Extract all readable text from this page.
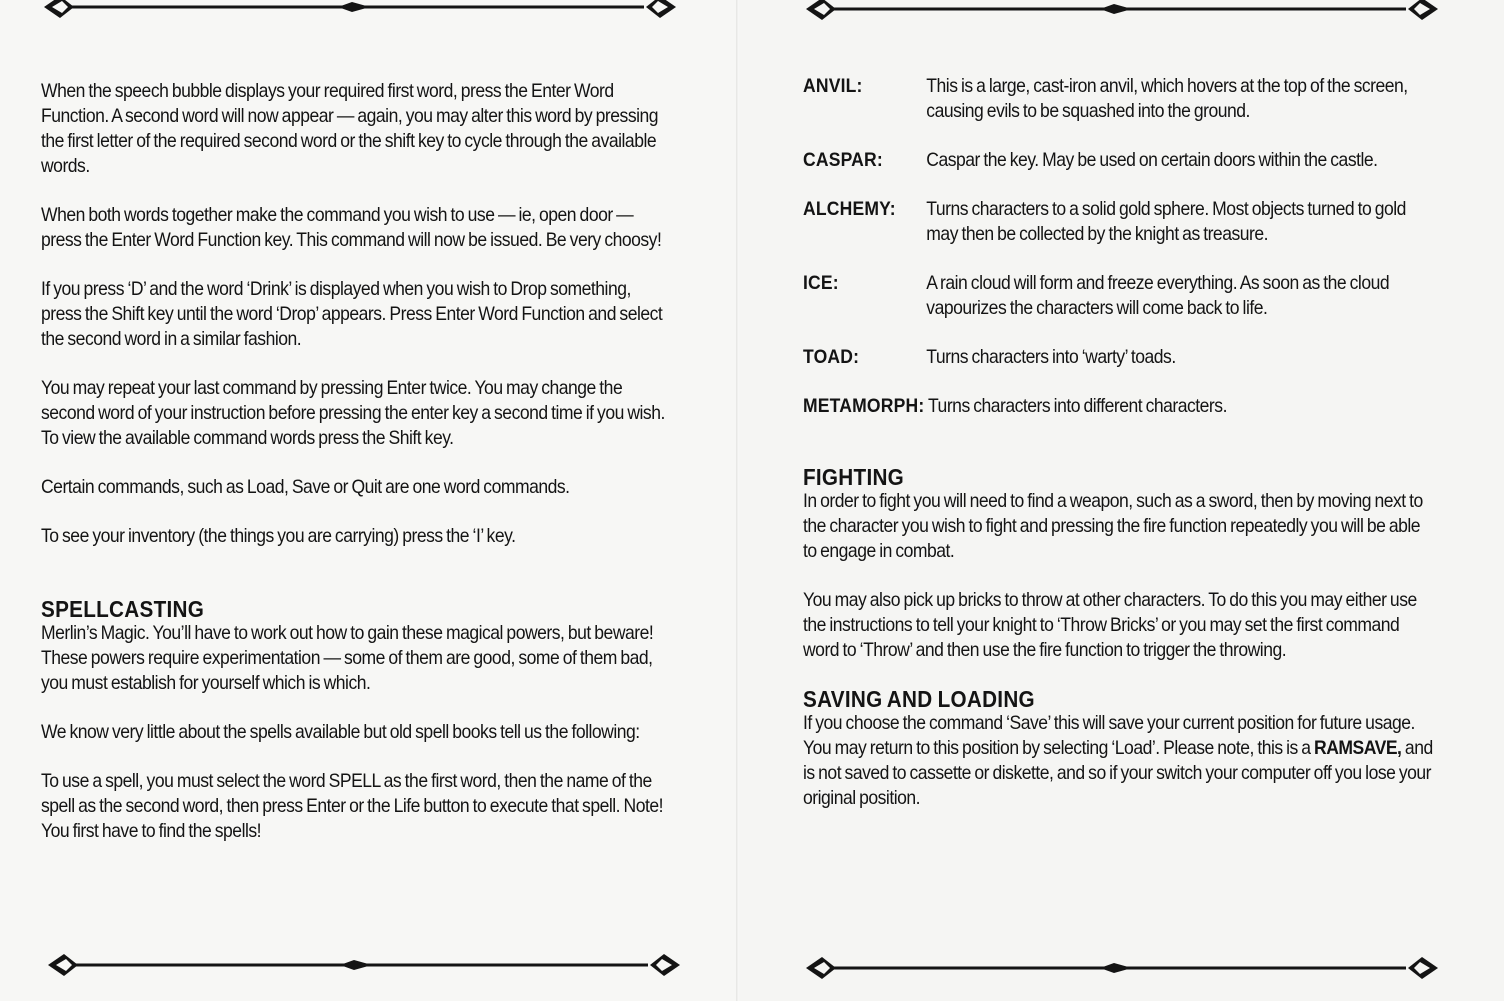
When the speech bubble displays your required first word, press the Enter Word Function. A second word will now appear — again, you may alter this word by pressing the first letter of the required second word or the shift key to cycle through the available words.

When both words together make the command you wish to use — ie, open door — press the Enter Word Function key. This command will now be issued. Be very choosy!

If you press ‘D’ and the word ‘Drink’ is displayed when you wish to Drop something, press the Shift key until the word ‘Drop’ appears. Press Enter Word Function and select the second word in a similar fashion.

You may repeat your last command by pressing Enter twice. You may change the second word of your instruction before pressing the enter key a second time if you wish. To view the available command words press the Shift key.

Certain commands, such as Load, Save or Quit are one word commands.

To see your inventory (the things you are carrying) press the ‘I’ key.

SPELLCASTING

Merlin’s Magic. You’ll have to work out how to gain these magical powers, but beware! These powers require experimentation — some of them are good, some of them bad, you must establish for yourself which is which.

We know very little about the spells available but old spell books tell us the following:

To use a spell, you must select the word SPELL as the first word, then the name of the spell as the second word, then press Enter or the Life button to execute that spell. Note! You first have to find the spells!

ANVIL:	This is a large, cast-iron anvil, which hovers at the top of the screen, causing evils to be squashed into the ground.
CASPAR:	Caspar the key. May be used on certain doors within the castle.
ALCHEMY:	Turns characters to a solid gold sphere. Most objects turned to gold may then be collected by the knight as treasure.
ICE:	A rain cloud will form and freeze everything. As soon as the cloud vapourizes the characters will come back to life.
TOAD:	Turns characters into ‘warty’ toads.
METAMORPH: Turns characters into different characters.
FIGHTING

In order to fight you will need to find a weapon, such as a sword, then by moving next to the character you wish to fight and pressing the fire function repeatedly you will be able to engage in combat.

You may also pick up bricks to throw at other characters. To do this you may either use the instructions to tell your knight to ‘Throw Bricks’ or you may set the first command word to ‘Throw’ and then use the fire function to trigger the throwing.

SAVING AND LOADING

If you choose the command ‘Save’ this will save your current position for future usage. You may return to this position by selecting ‘Load’. Please note, this is a RAMSAVE, and is not saved to cassette or diskette, and so if your switch your computer off you lose your original position.
